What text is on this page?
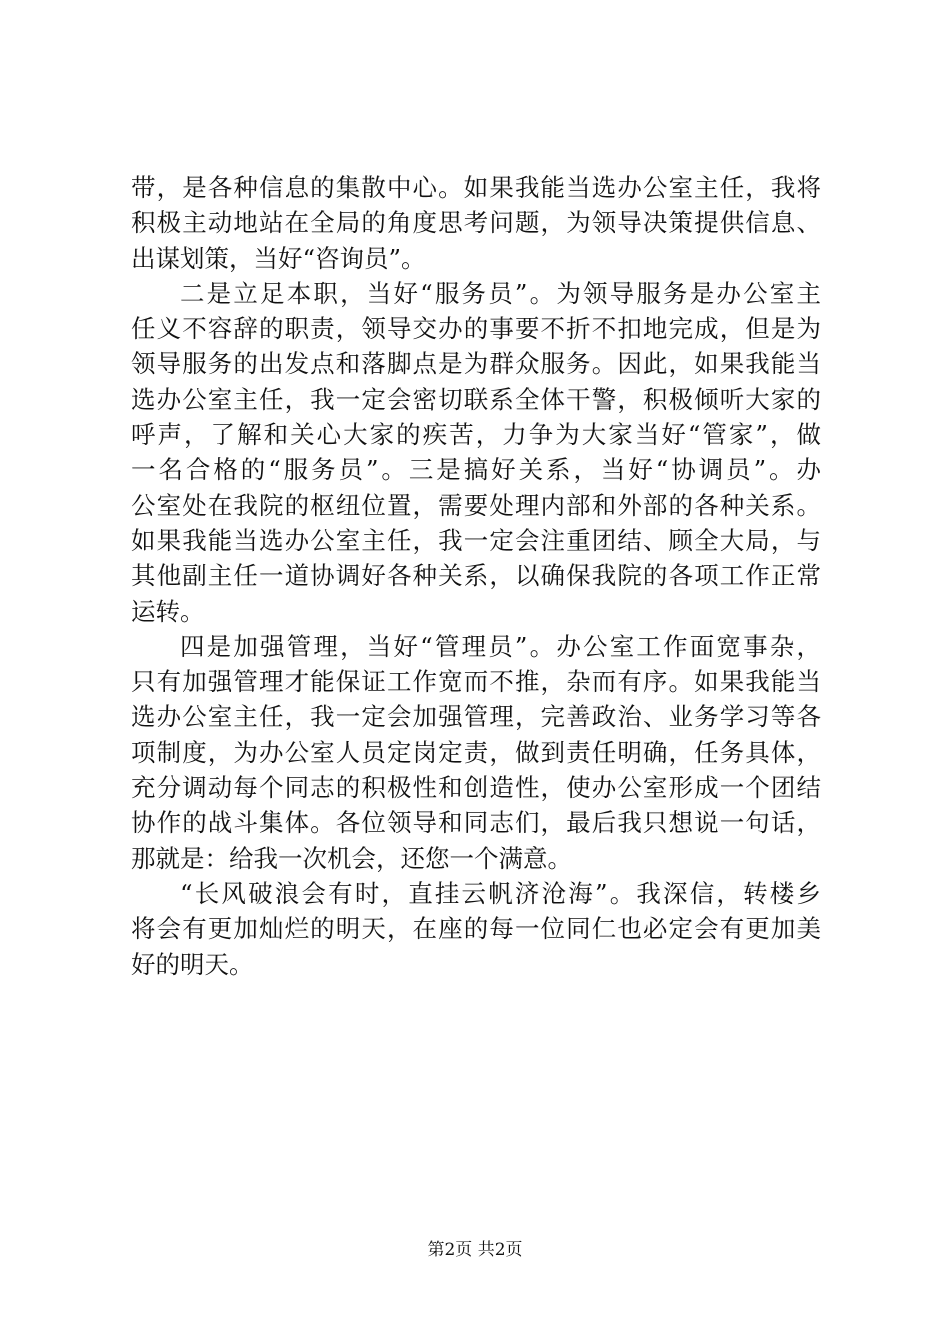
带，是各种信息的集散中心。如果我能当选办公室主任，我将
积极主动地站在全局的角度思考问题，为领导决策提供信息、
出谋划策，当好“咨询员”。
二是立足本职，当好“服务员”。为领导服务是办公室主
任义不容辞的职责，领导交办的事要不折不扣地完成，但是为
领导服务的出发点和落脚点是为群众服务。因此，如果我能当
选办公室主任，我一定会密切联系全体干警，积极倾听大家的
呼声，了解和关心大家的疾苦，力争为大家当好“管家”，做
一名合格的“服务员”。三是搞好关系，当好“协调员”。办
公室处在我院的枢纽位置，需要处理内部和外部的各种关系。
如果我能当选办公室主任，我一定会注重团结、顾全大局，与
其他副主任一道协调好各种关系，以确保我院的各项工作正常
运转。
四是加强管理，当好“管理员”。办公室工作面宽事杂，
只有加强管理才能保证工作宽而不推，杂而有序。如果我能当
选办公室主任，我一定会加强管理，完善政治、业务学习等各
项制度，为办公室人员定岗定责，做到责任明确，任务具体，
充分调动每个同志的积极性和创造性，使办公室形成一个团结
协作的战斗集体。各位领导和同志们，最后我只想说一句话，
那就是：给我一次机会，还您一个满意。
“长风破浪会有时，直挂云帆济沧海”。我深信，转楼乡
将会有更加灿烂的明天，在座的每一位同仁也必定会有更加美
好的明天。
第2页 共2页
